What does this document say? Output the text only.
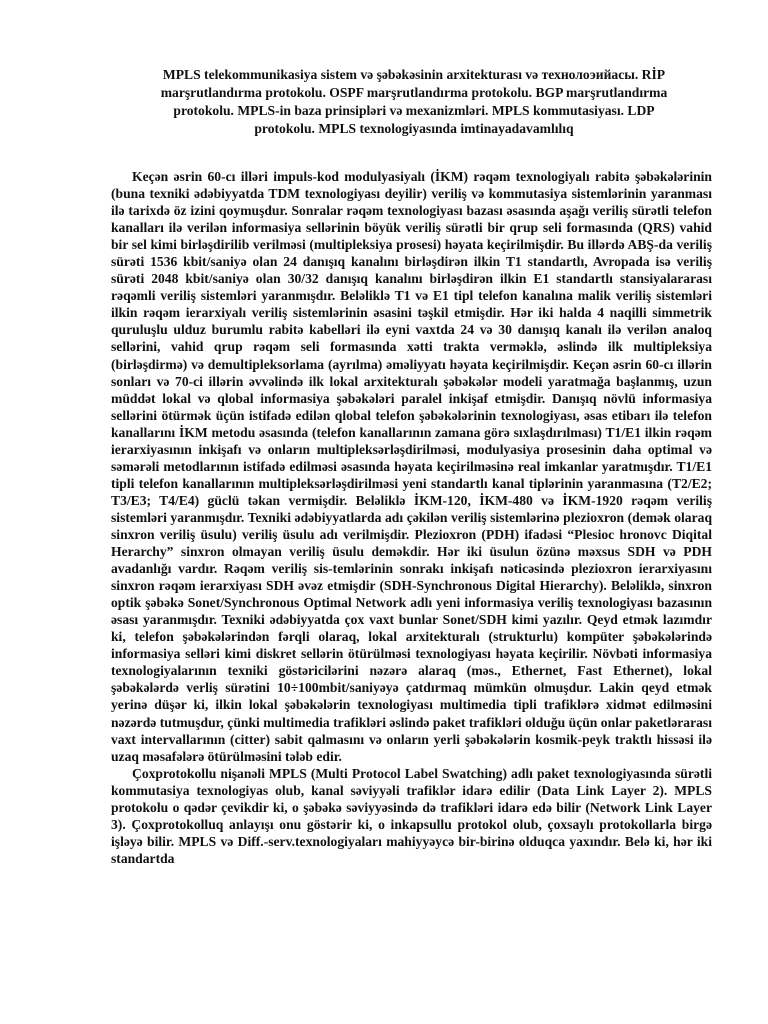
MPLS telekommunikasiya sistem və şəbəkəsinin arxitekturası və технолоэийасы. RİP marşrutlandırma protokolu. OSPF marşrutlandırma protokolu. BGP marşrutlandırma protokolu. MPLS-in baza prinsipləri və mexanizmləri. MPLS kommutasiyası. LDP protokolu. MPLS texnologiyasında imtinayadavamlılıq

Keçən əsrin 60-cı illəri impuls-kod modulyasiyalı (İKM) rəqəm texnologiyalı rabitə şəbəkələrinin (buna texniki ədəbiyyatda TDM texnologiyası deyilir) veriliş və kommutasiya sistemlərinin yaranması ilə tarixdə öz izini qoymuşdur. Sonralar rəqəm texnologiyası bazası əsasında aşağı veriliş sürətli telefon kanalları ilə verilən informasiya sellərinin böyük veriliş sürətli bir qrup seli formasında (QRS) vahid bir sel kimi birləşdirilib verilməsi (multipleksiya prosesi) həyata keçirilmişdir. Bu illərdə ABŞ-da veriliş sürəti 1536 kbit/saniyə olan 24 danışıq kanalını birləşdirən ilkin T1 standartlı, Avropada isə veriliş sürəti 2048 kbit/saniyə olan 30/32 danışıq kanalını birləşdirən ilkin E1 standartlı stansiyalararası rəqəmli veriliş sistemləri yaranmışdır. Beləliklə T1 və E1 tipl telefon kanalına malik veriliş sistemləri ilkin rəqəm ierarxiyalı veriliş sistemlərinin əsasini təşkil etmişdir. Hər iki halda 4 naqilli simmetrik quruluşlu ulduz burumlu rabitə kabelləri ilə eyni vaxtda 24 və 30 danışıq kanalı ilə verilən analoq sellərini, vahid qrup rəqəm seli formasında xətti trakta verməklə, əslində ilk multipleksiya (birləşdirmə) və demultipleksorlama (ayrılma) əməliyyatı həyata keçirilmişdir. Keçən əsrin 60-cı illərin sonları və 70-ci illərin əvvəlində ilk lokal arxitekturalı şəbəkələr modeli yaratmağa başlanmış, uzun müddət lokal və qlobal informasiya şəbəkələri paralel inkişaf etmişdir. Danışıq növlü informasiya sellərini ötürmək üçün istifadə edilən qlobal telefon şəbəkələrinin texnologiyası, əsas etibarı ilə telefon kanallarını İKM metodu əsasında (telefon kanallarının zamana görə sıxlaşdırılması) T1/E1 ilkin rəqəm ierarxiyasının inkişafı və onların multipleksərləşdirilməsi, modulyasiya prosesinin daha optimal və səmərəli metodlarının istifadə edilməsi əsasında həyata keçirilməsinə real imkanlar yaratmışdır. T1/E1 tipli telefon kanallarının multipleksərləşdirilməsi yeni standartlı kanal tiplərinin yaranmasına (T2/E2; T3/E3; T4/E4) güclü təkan vermişdir. Beləliklə İKM-120, İKM-480 və İKM-1920 rəqəm veriliş sistemləri yaranmışdır. Texniki ədəbiyyatlarda adı çəkilən veriliş sistemlərinə plezioxron (demək olaraq sinxron veriliş üsulu) veriliş üsulu adı verilmişdir. Plezioxron (PDH) ifadəsi “Plesioc hronovc Diqital Herarchy” sinxron olmayan veriliş üsulu deməkdir. Hər iki üsulun özünə məxsus SDH və PDH avadanlığı vardır. Rəqəm veriliş sis-temlərinin sonrakı inkişafı nəticəsində plezioxron ierarxiyasını sinxron rəqəm ierarxiyası SDH əvəz etmişdir (SDH-Synchronous Digital Hierarchy). Beləliklə, sinxron optik şəbəkə Sonet/Synchronous Optimal Network adlı yeni informasiya veriliş texnologiyası bazasının əsası yaranmışdır. Texniki ədəbiyyatda çox vaxt bunlar Sonet/SDH kimi yazılır. Qeyd etmək lazımdır ki, telefon şəbəkələrindən fərqli olaraq, lokal arxitekturalı (strukturlu) kompüter şəbəkələrində informasiya selləri kimi diskret sellərin ötürülməsi texnologiyası həyata keçirilir. Növbəti informasiya texnologiyalarının texniki göstəricilərini nəzərə alaraq (məs., Ethernet, Fast Ethernet), lokal şəbəkələrdə verliş sürətini 10÷100mbit/saniyəyə çatdırmaq mümkün olmuşdur. Lakin qeyd etmək yerinə düşər ki, ilkin lokal şəbəkələrin texnologiyası multimedia tipli trafiklərə xidmət edilməsini nəzərdə tutmuşdur, çünki multimedia trafikləri əslində paket trafikləri olduğu üçün onlar paketlərarası vaxt intervallarının (citter) sabit qalmasını və onların yerli şəbəkələrin kosmik-peyk traktlı hissəsi ilə uzaq məsafələrə ötürülməsini tələb edir.

Çoxprotokollu nişanəli MPLS (Multi Protocol Label Swatching) adlı paket texnologiyasında sürətli kommutasiya texnologiyas olub, kanal səviyyəli trafiklər idarə edilir (Data Link Layer 2). MPLS protokolu o qədər çevikdir ki, o şəbəkə səviyyəsində də trafikləri idarə edə bilir (Network Link Layer 3). Çoxprotokolluq anlayışı onu göstərir ki, o inkapsullu protokol olub, çoxsaylı protokollarla birgə işləyə bilir. MPLS və Diff.-serv.texnologiyaları mahiyyəycə bir-birinə olduqca yaxındır. Belə ki, hər iki standartda
